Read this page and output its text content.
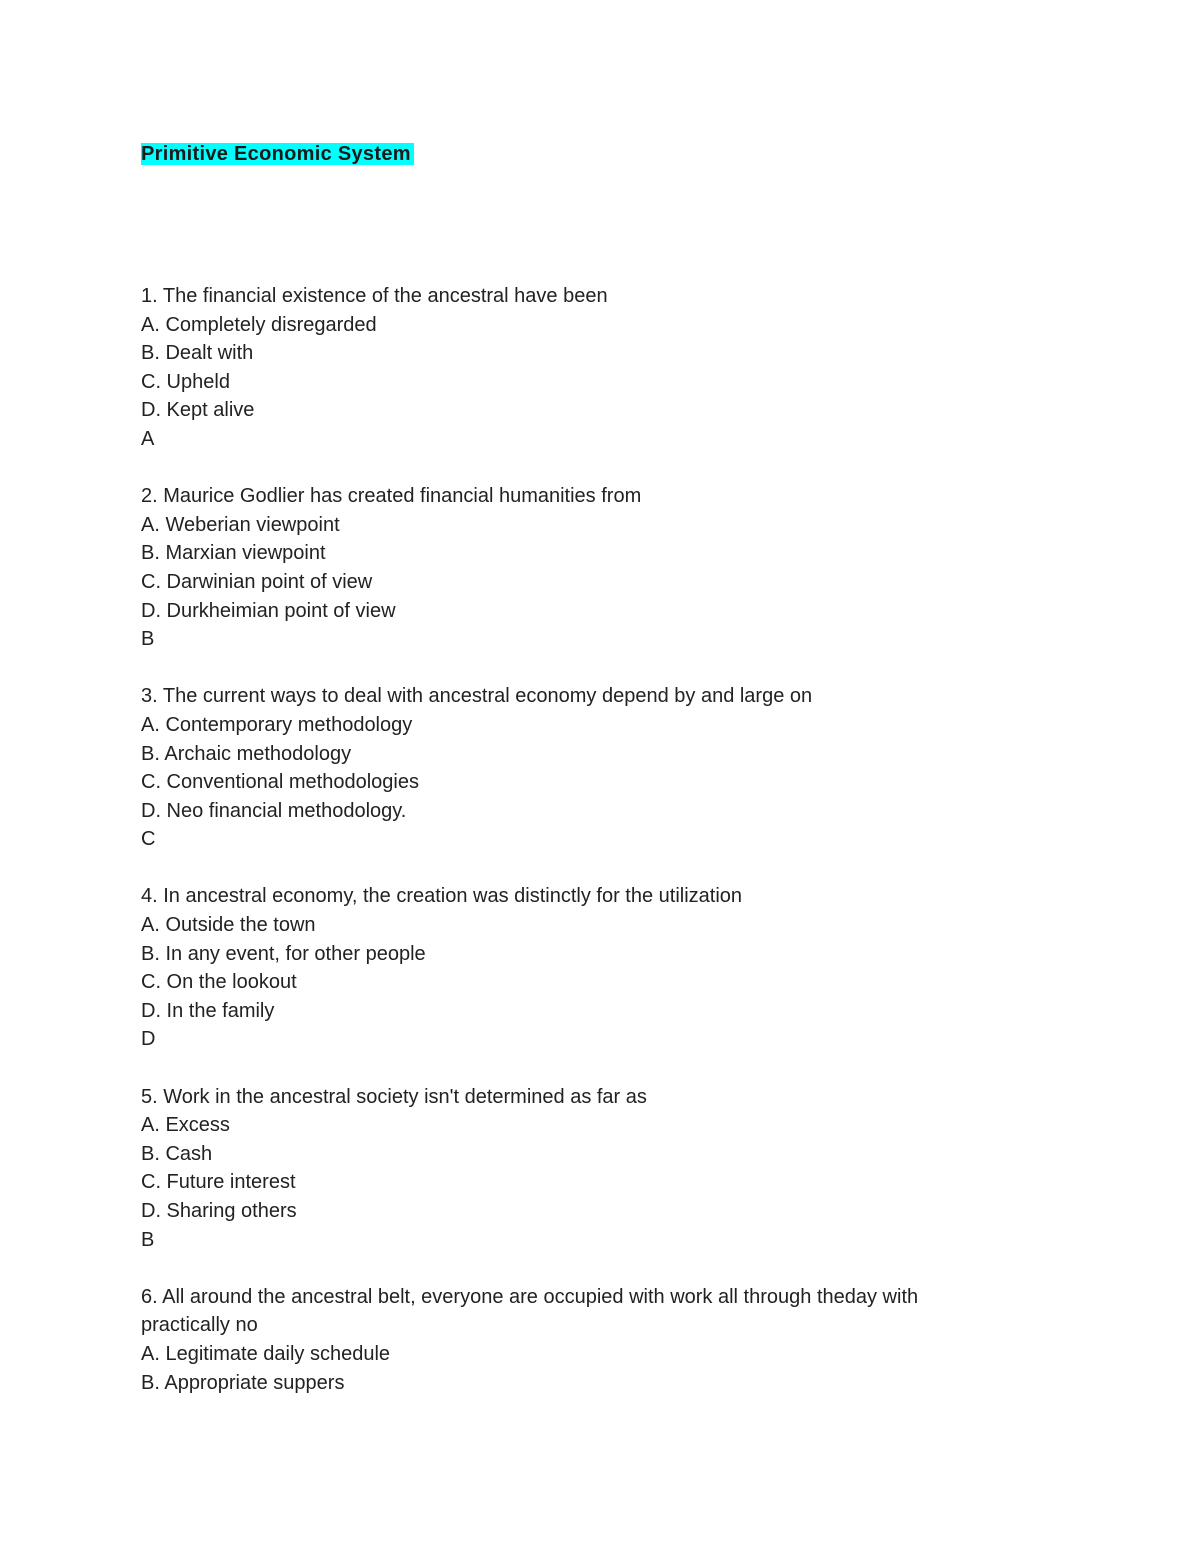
Primitive Economic System
1. The financial existence of the ancestral have been
A. Completely disregarded
B. Dealt with
C. Upheld
D. Kept alive
A
2. Maurice Godlier has created financial humanities from
A. Weberian viewpoint
B. Marxian viewpoint
C. Darwinian point of view
D. Durkheimian point of view
B
3. The current ways to deal with ancestral economy depend by and large on
A. Contemporary methodology
B. Archaic methodology
C. Conventional methodologies
D. Neo financial methodology.
C
4. In ancestral economy, the creation was distinctly for the utilization
A. Outside the town
B. In any event, for other people
C. On the lookout
D. In the family
D
5. Work in the ancestral society isn't determined as far as
A. Excess
B. Cash
C. Future interest
D. Sharing others
B
6. All around the ancestral belt, everyone are occupied with work all through theday with practically no
A. Legitimate daily schedule
B. Appropriate suppers
